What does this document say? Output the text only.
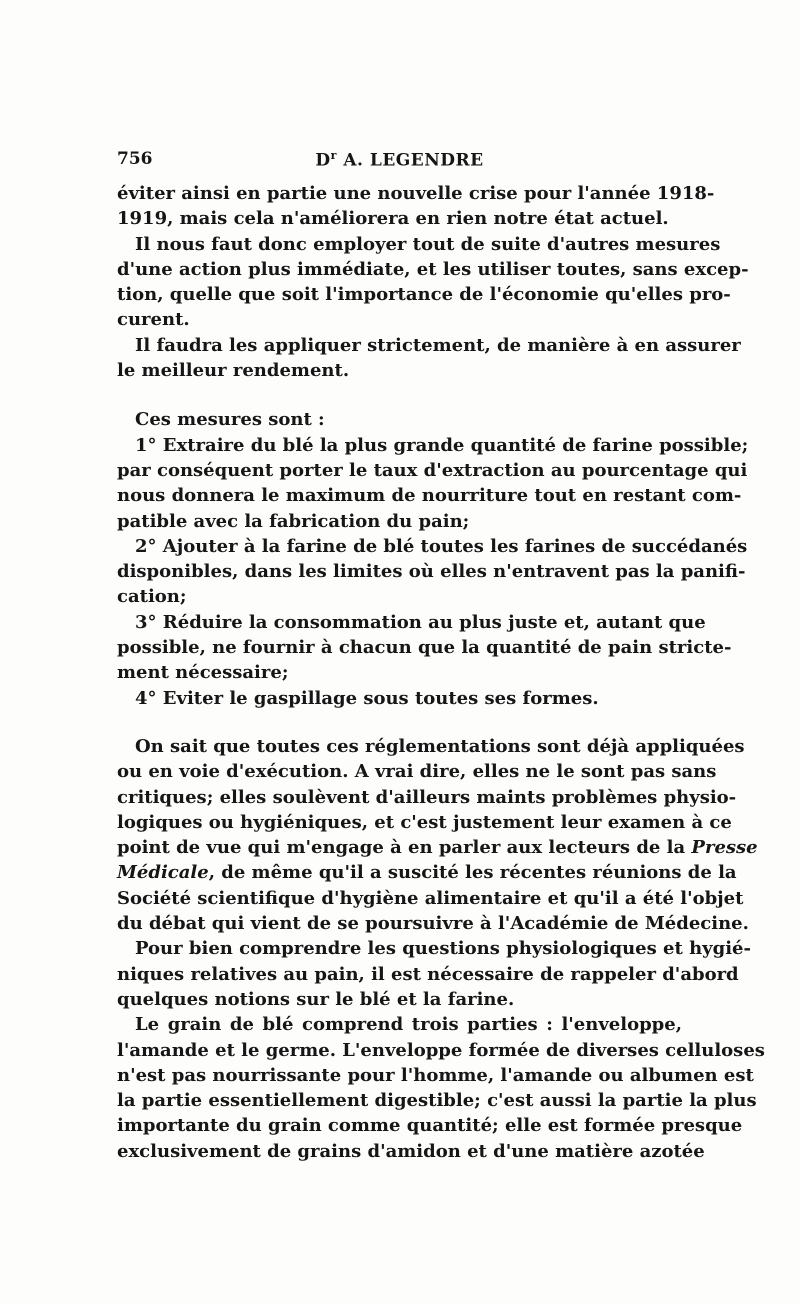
756	$D^r$ A. LEGENDRE
éviter ainsi en partie une nouvelle crise pour l'année 1918-
1919, mais cela n'améliorera en rien notre état actuel.
Il nous faut donc employer tout de suite d'autres mesures
d'une action plus immédiate, et les utiliser toutes, sans excep-
tion, quelle que soit l'importance de l'économie qu'elles pro-
curent.
Il faudra les appliquer strictement, de manière à en assurer
le meilleur rendement.
Ces mesures sont :
1° Extraire du blé la plus grande quantité de farine possible;
par conséquent porter le taux d'extraction au pourcentage qui
nous donnera le maximum de nourriture tout en restant com-
patible avec la fabrication du pain;
2° Ajouter à la farine de blé toutes les farines de succédanés
disponibles, dans les limites où elles n'entravent pas la panifi-
cation;
3° Réduire la consommation au plus juste et, autant que
possible, ne fournir à chacun que la quantité de pain stricte-
ment nécessaire;
4° Eviter le gaspillage sous toutes ses formes.
On sait que toutes ces réglementations sont déjà appliquées
ou en voie d'exécution. A vrai dire, elles ne le sont pas sans
critiques; elles soulèvent d'ailleurs maints problèmes physio-
logiques ou hygiéniques, et c'est justement leur examen à ce
point de vue qui m'engage à en parler aux lecteurs de la Presse
Médicale, de même qu'il a suscité les récentes réunions de la
Société scientifique d'hygiène alimentaire et qu'il a été l'objet
du débat qui vient de se poursuivre à l'Académie de Médecine.
Pour bien comprendre les questions physiologiques et hygié-
niques relatives au pain, il est nécessaire de rappeler d'abord
quelques notions sur le blé et la farine.
Le grain de blé comprend trois parties : l'enveloppe,
l'amande et le germe. L'enveloppe formée de diverses celluloses
n'est pas nourrissante pour l'homme, l'amande ou albumen est
la partie essentiellement digestible; c'est aussi la partie la plus
importante du grain comme quantité; elle est formée presque
exclusivement de grains d'amidon et d'une matière azotée
